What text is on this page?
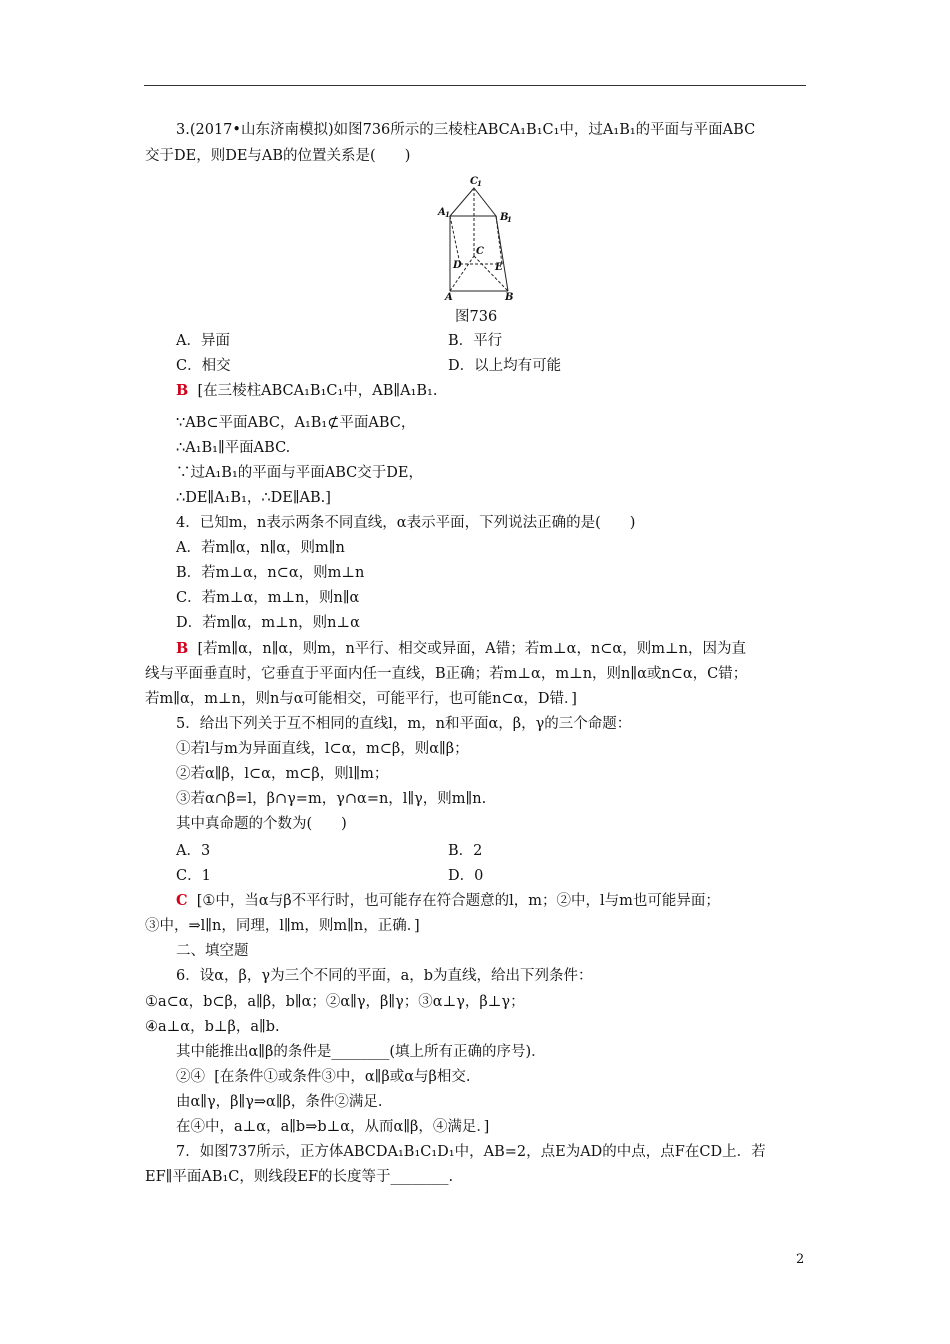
3.(2017•山东济南模拟)如图736所示的三棱柱ABCA₁B₁C₁中，过A₁B₁的平面与平面ABC
交于DE，则DE与AB的位置关系是(　　)
C 1
A 1	B
1
C
D	E
A	B
图736
A．异面	B．平行
C．相交	D．以上均有可能
B [在三棱柱ABCA₁B₁C₁中，AB∥A₁B₁.
∵AB⊂平面ABC，A₁B₁⊄平面ABC，
∴A₁B₁∥平面ABC.
∵过A₁B₁的平面与平面ABC交于DE，
∴DE∥A₁B₁，∴DE∥AB.]
4．已知m，n表示两条不同直线，α表示平面，下列说法正确的是(　　)
A．若m∥α，n∥α，则m∥n
B．若m⊥α，n⊂α，则m⊥n
C．若m⊥α，m⊥n，则n∥α
D．若m∥α，m⊥n，则n⊥α
B [若m∥α，n∥α，则m，n平行、相交或异面，A错；若m⊥α，n⊂α，则m⊥n，因为直
线与平面垂直时，它垂直于平面内任一直线，B正确；若m⊥α，m⊥n，则n∥α或n⊂α，C错；
若m∥α，m⊥n，则n与α可能相交，可能平行，也可能n⊂α，D错．]
5．给出下列关于互不相同的直线l，m，n和平面α，β，γ的三个命题：
①若l与m为异面直线，l⊂α，m⊂β，则α∥β；
②若α∥β，l⊂α，m⊂β，则l∥m；
③若α∩β=l，β∩γ=m，γ∩α=n，l∥γ，则m∥n.
其中真命题的个数为(　　)
A．3	B．2
C．1	D．0
C [①中，当α与β不平行时，也可能存在符合题意的l，m；②中，l与m也可能异面；
③中，⇒l∥n，同理，l∥m，则m∥n，正确．]
二、填空题
6．设α，β，γ为三个不同的平面，a，b为直线，给出下列条件：
①a⊂α，b⊂β，a∥β，b∥α；②α∥γ，β∥γ；③α⊥γ，β⊥γ；
④a⊥α，b⊥β，a∥b.
其中能推出α∥β的条件是________(填上所有正确的序号)．
②④ [在条件①或条件③中，α∥β或α与β相交.
由α∥γ，β∥γ⇒α∥β，条件②满足.
在④中，a⊥α，a∥b⇒b⊥α，从而α∥β，④满足．]
7．如图737所示，正方体ABCDA₁B₁C₁D₁中，AB=2，点E为AD的中点，点F在CD上．若
EF∥平面AB₁C，则线段EF的长度等于________.
2
